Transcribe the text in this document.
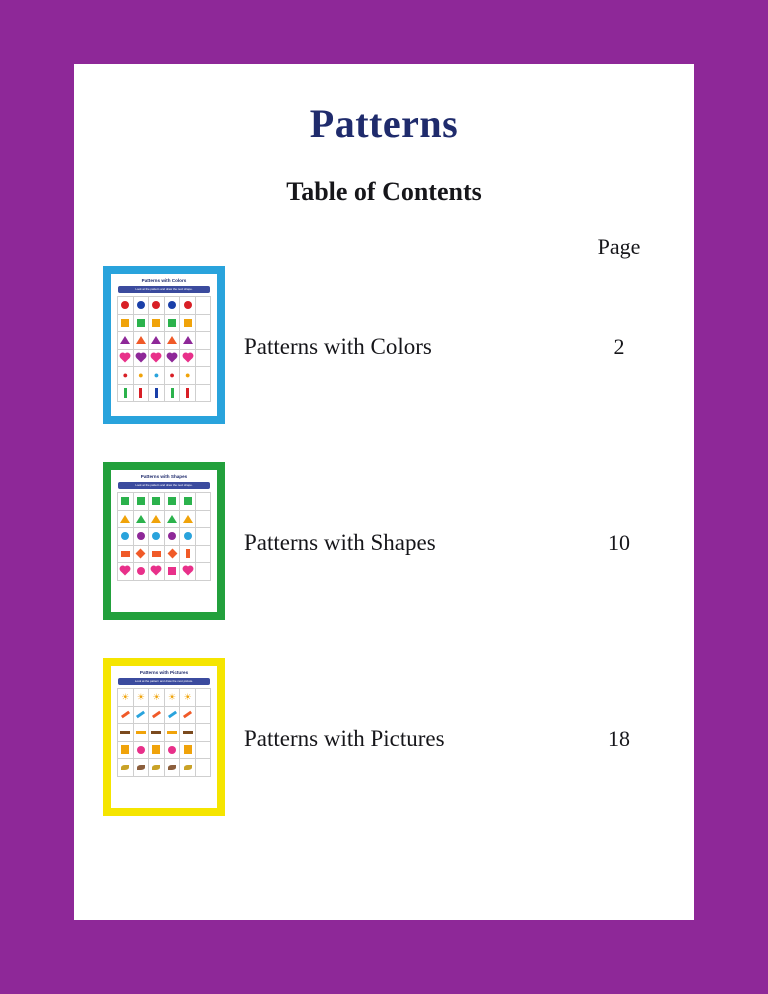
Patterns
Table of Contents
Page
Patterns with Colors
Look at the pattern and draw the next shape.
● ● ● ● ●
Patterns with Colors	2
Patterns with Shapes
Look at the pattern and draw the next shape.
Patterns with Shapes	10
Patterns with Pictures
Look at the pattern and draw the next picture.
☀ ☀ ☀ ☀ ☀
Patterns with Pictures	18
